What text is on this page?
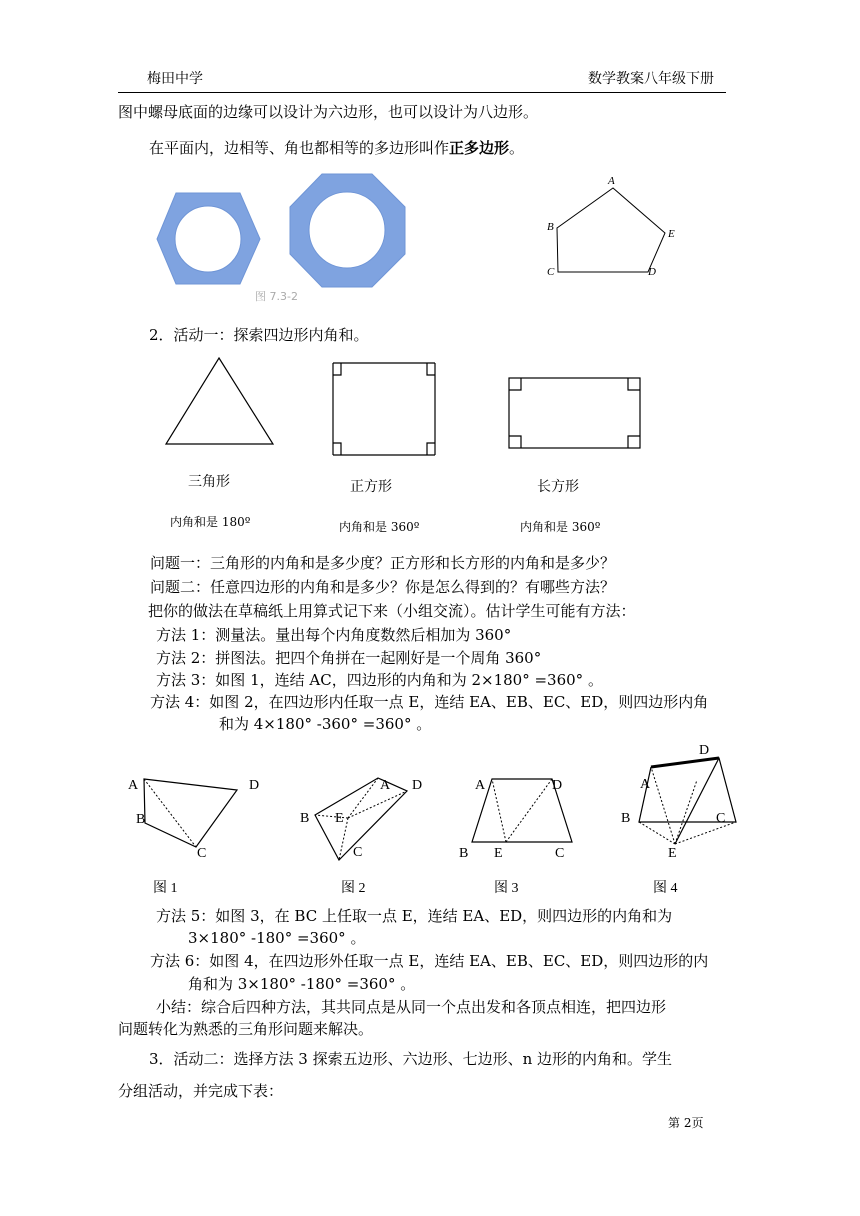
梅田中学	数学教案八年级下册
图中螺母底面的边缘可以设计为六边形，也可以设计为八边形。
在平面内，边相等、角也都相等的多边形叫作正多边形。
A
B
C	D
E
图 7.3-2
2．活动一：探索四边形内角和。
三角形	正方形	长方形
内角和是 180º	内角和是 360º	内角和是 360º
问题一：三角形的内角和是多少度？正方形和长方形的内角和是多少？
问题二：任意四边形的内角和是多少？你是怎么得到的？有哪些方法？
把你的做法在草稿纸上用算式记下来（小组交流）。估计学生可能有方法：
方法 1：测量法。量出每个内角度数然后相加为 360°
方法 2：拼图法。把四个角拼在一起刚好是一个周角 360°
方法 3：如图 1，连结 AC，四边形的内角和为 2×180° =360° 。
方法 4：如图 2，在四边形内任取一点 E，连结 EA、EB、EC、ED，则四边形内角
和为 4×180° -360° =360° 。
A	D
B
C
图 1
A D
B E
C
图 2
A	D
B E	C
图 3
D
A
B	C
E
图 4
方法 5：如图 3，在 BC 上任取一点 E，连结 EA、ED，则四边形的内角和为
3×180° -180° =360° 。
方法 6：如图 4，在四边形外任取一点 E，连结 EA、EB、EC、ED，则四边形的内
角和为 3×180° -180° =360° 。
小结：综合后四种方法，其共同点是从同一个点出发和各顶点相连，把四边形
问题转化为熟悉的三角形问题来解决。
3．活动二：选择方法 3 探索五边形、六边形、七边形、n 边形的内角和。学生
分组活动，并完成下表：
第 2页
